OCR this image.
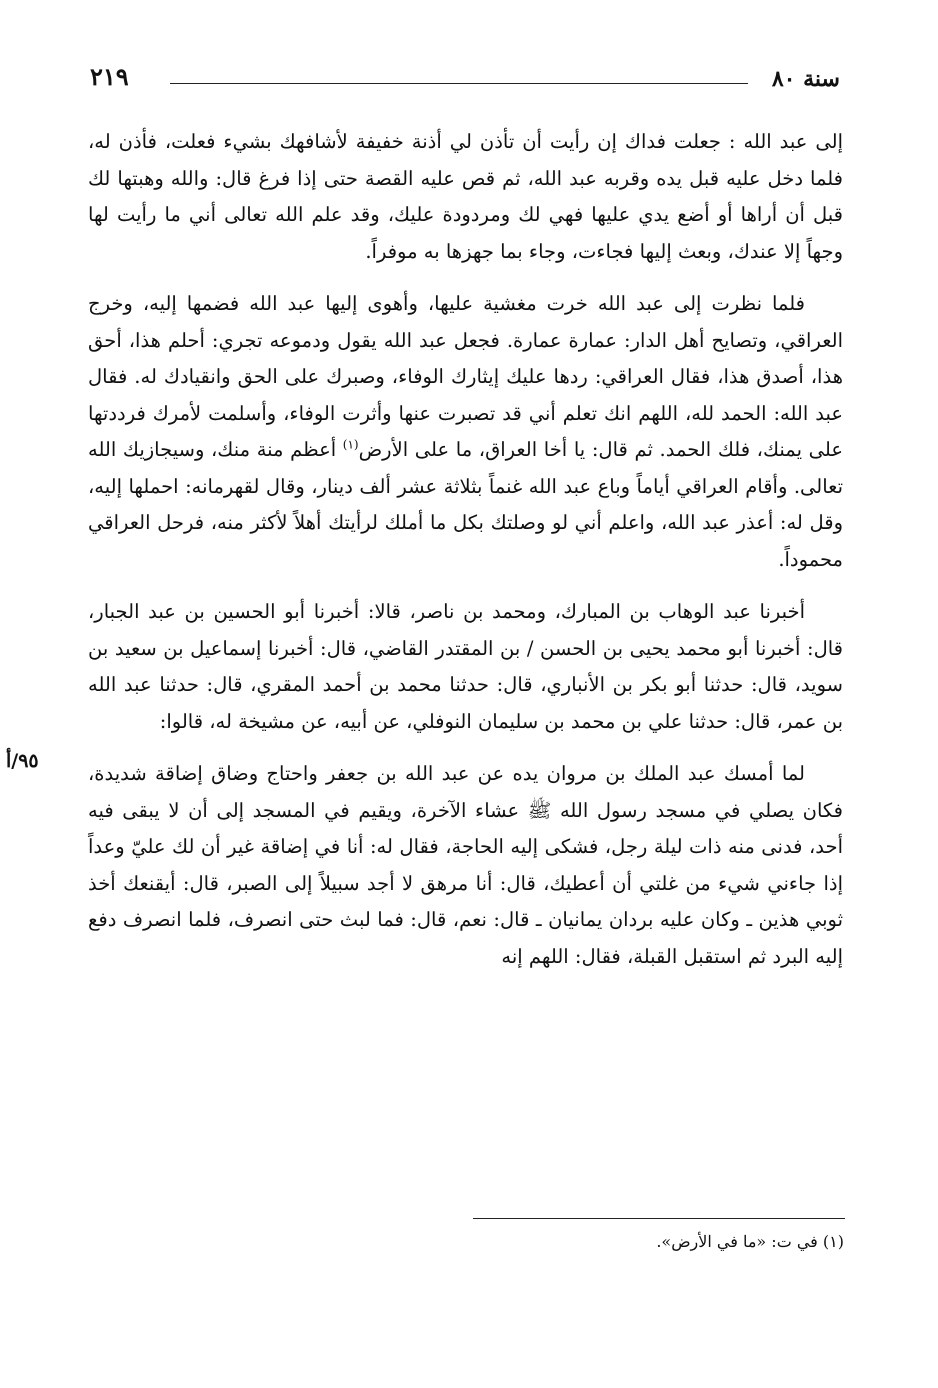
سنة ٨٠
٢١٩
٩٥/أ

إلى عبد الله : جعلت فداك إن رأيت أن تأذن لي أذنة خفيفة لأشافهك بشيء فعلت، فأذن له، فلما دخل عليه قبل يده وقربه عبد الله، ثم قص عليه القصة حتى إذا فرغ قال: والله وهبتها لك قبل أن أراها أو أضع يدي عليها فهي لك ومردودة عليك، وقد علم الله تعالى أني ما رأيت لها وجهاً إلا عندك، وبعث إليها فجاءت، وجاء بما جهزها به موفراً.

فلما نظرت إلى عبد الله خرت مغشية عليها، وأهوى إليها عبد الله فضمها إليه، وخرج العراقي، وتصايح أهل الدار: عمارة عمارة. فجعل عبد الله يقول ودموعه تجري: أحلم هذا، أحق هذا، أصدق هذا، فقال العراقي: ردها عليك إيثارك الوفاء، وصبرك على الحق وانقيادك له. فقال عبد الله: الحمد لله، اللهم انك تعلم أني قد تصبرت عنها وأثرت الوفاء، وأسلمت لأمرك فرددتها على يمنك، فلك الحمد. ثم قال: يا أخا العراق، ما على الأرض$^{(١)}$ أعظم منة منك، وسيجازيك الله تعالى. وأقام العراقي أياماً وباع عبد الله غنماً بثلاثة عشر ألف دينار، وقال لقهرمانه: احملها إليه، وقل له: أعذر عبد الله، واعلم أني لو وصلتك بكل ما أملك لرأيتك أهلاً لأكثر منه، فرحل العراقي محموداً.

أخبرنا عبد الوهاب بن المبارك، ومحمد بن ناصر، قالا: أخبرنا أبو الحسين بن عبد الجبار، قال: أخبرنا أبو محمد يحيى بن الحسن / بن المقتدر القاضي، قال: أخبرنا إسماعيل بن سعيد بن سويد، قال: حدثنا أبو بكر بن الأنباري، قال: حدثنا محمد بن أحمد المقري، قال: حدثنا عبد الله بن عمر، قال: حدثنا علي بن محمد بن سليمان النوفلي، عن أبيه، عن مشيخة له، قالوا:

لما أمسك عبد الملك بن مروان يده عن عبد الله بن جعفر واحتاج وضاق إضاقة شديدة، فكان يصلي في مسجد رسول الله ﷺ عشاء الآخرة، ويقيم في المسجد إلى أن لا يبقى فيه أحد، فدنى منه ذات ليلة رجل، فشكى إليه الحاجة، فقال له: أنا في إضاقة غير أن لك عليّ وعداً إذا جاءني شيء من غلتي أن أعطيك، قال: أنا مرهق لا أجد سبيلاً إلى الصبر، قال: أيقنعك أخذ ثوبي هذين ـ وكان عليه بردان يمانيان ـ قال: نعم، قال: فما لبث حتى انصرف، فلما انصرف دفع إليه البرد ثم استقبل القبلة، فقال: اللهم إنه

(١) في ت: «ما في الأرض».
